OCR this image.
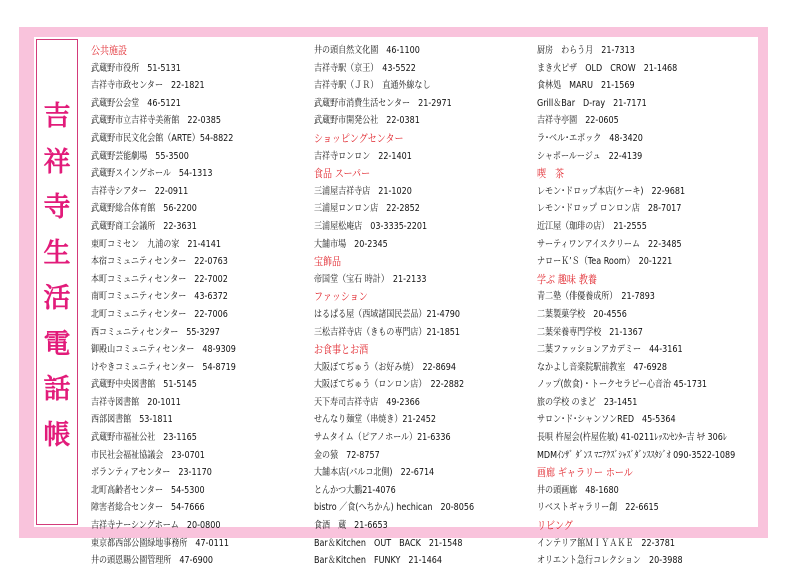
吉
祥
寺
生
活
電
話
帳
公共施設
武蔵野市役所　51-5131
吉祥寺市政センター　22-1821
武蔵野公会堂　46-5121
武蔵野市立吉祥寺美術館　22-0385
武蔵野市民文化会館（ARTE）54-8822
武蔵野芸能劇場　55-3500
武蔵野スイングホール　54-1313
吉祥寺シアター　22-0911
武蔵野総合体育館　56-2200
武蔵野商工会議所　22-3631
東町コミセン　九浦の家　21-4141
本宿コミュニティセンター　22-0763
本町コミュニティセンター　22-7002
南町コミュニティセンター　43-6372
北町コミュニティセンター　22-7006
西コミュニティセンター　55-3297
御殿山コミュニティセンター　48-9309
けやきコミュニティセンター　54-8719
武蔵野中央図書館　51-5145
吉祥寺図書館　20-1011
西部図書館　53-1811
武蔵野市福祉公社　23-1165
市民社会福祉協議会　23-0701
ボランティアセンター　23-1170
北町高齢者センター　54-5300
障害者総合センター　54-7666
吉祥寺ナーシングホーム　20-0800
東京都西部公園緑地事務所　47-0111
井の頭恩賜公園管理所　47-6900
井の頭自然文化園　46-1100
吉祥寺駅（京王）　43-5522
吉祥寺駅（ＪＲ）　直通外線なし
武蔵野市消費生活センター　21-2971
武蔵野市開発公社　22-0381
ショッピングセンター
吉祥寺ロンロン　22-1401
食品 スーパー
三浦屋吉祥寺店　21-1020
三浦屋ロンロン店　22-2852
三浦屋松庵店　03-3335-2201
大舗市場　20-2345
宝飾品
帝国堂（宝石 時計）　21-2133
ファッション
はるぱる屋（西域諸国民芸品）21-4790
三松吉祥寺店（きもの専門店）21-1851
お食事とお酒
大阪ぼてぢゅう（お好み焼）　22-8694
大阪ぼてぢゅう（ロンロン店）　22-2882
天下寿司吉祥寺店　49-2366
せんなり麺堂（串焼き）21-2452
サムタイム（ピアノホール）21-6336
金の猿　72-8757
大舗本店(パルコ北側)　22-6714
とんかつ大鵬21-4076
bistro ／食(へちかん) hechican　20-8056
食酒　蔵　21-6653
Bar＆Kitchen　OUT　BACK　21-1548
Bar＆Kitchen　FUNKY　21-1464
厨房　わらう月　21-7313
まき火ピザ　OLD　CROW　21-1468
食林処　MARU　21-1569
Grill＆Bar　D-ray　21-7171
吉祥寺亭園　22-0605
ラ･ベル･エポック　48-3420
シャポールージュ　22-4139
喫　茶
レモン･ドロップ本店(ケーキ)　22-9681
レモン･ドロップ ロンロン店　28-7017
近江屋（珈琲の店）　21-2555
サーティワンアイスクリーム　22-3485
ナローＫ’Ｓ（Tea Room）　20-1221
学ぶ 趣味 教養
青二塾（俳優養成所）　21-7893
二葉製菓学校　20-4556
二葉栄養専門学校　21-1367
二葉ファッションアカデミー　44-3161
なかよし音楽院駅前教室　47-6928
ノップ(飲食)・トークセラピー心音治 45-1731
旅の学校 のまど　23-1451
サロン･ド･シャンソンRED　45-5364
長唄 杵屋会(杵屋佐敏) 41-0211ﾚｯｽﾝｾﾝﾀｰ吉 ｷﾁ 306ﾚ
MDMｲﾝｻﾞ ﾀﾞﾝｽ ﾏﾆｱｸｽﾞｼｬｽﾞﾀﾞﾝｽｽﾀｼﾞｵ 090-3522-1089
画廊 ギャラリー ホール
井の頭画廊　48-1680
リベストギャラリー創　22-6615
リビング
インテリア館ＭＩＹＡＫＥ　22-3781
オリエント急行コレクション　20-3988
